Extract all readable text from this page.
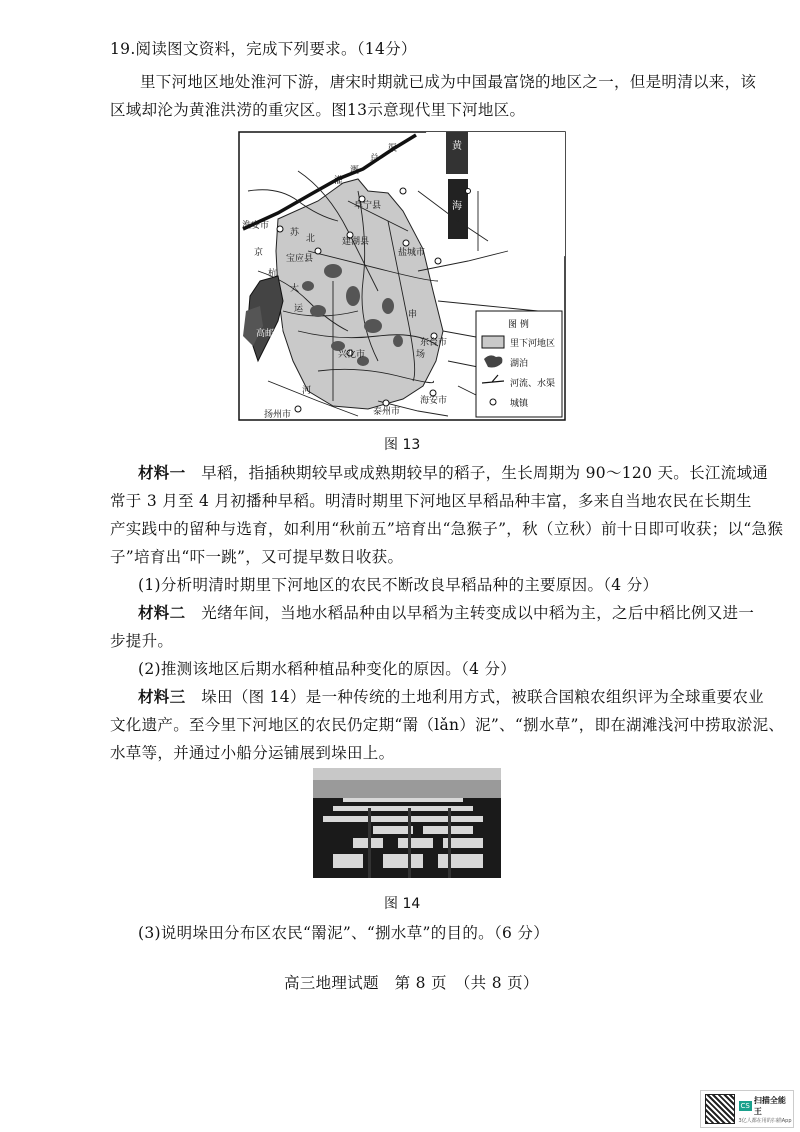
19.阅读图文资料，完成下列要求。（14分）
里下河地区地处淮河下游，唐宋时期就已成为中国最富饶的地区之一，但是明清以来，该
区域却沦为黄淮洪涝的重灾区。图13示意现代里下河地区。
淮安市
阜宁县
建湖县
盐城市
宝应县
高邮湖
兴化市
东台市
扬州市	泰州市
海安市
黄
海
总
渠
溉
灌
苏
北
京
杭
大
运
河
串
场
图 例
里下河地区
湖泊
河流、水渠
城镇
图 13
材料一　 早稻，指插秧期较早或成熟期较早的稻子，生长周期为 90～120 天。长江流域通
常于 3 月至 4 月初播种早稻。明清时期里下河地区早稻品种丰富，多来自当地农民在长期生
产实践中的留种与选育，如利用“秋前五”培育出“急猴子”，秋（立秋）前十日即可收获；以“急猴
子”培育出“吓一跳”，又可提早数日收获。
(1)分析明清时期里下河地区的农民不断改良早稻品种的主要原因。（4 分）
材料二　 光绪年间，当地水稻品种由以早稻为主转变成以中稻为主，之后中稻比例又进一
步提升。
(2)推测该地区后期水稻种植品种变化的原因。（4 分）
材料三　 垛田（图 14）是一种传统的土地利用方式，被联合国粮农组织评为全球重要农业
文化遗产。至今里下河地区的农民仍定期“罱（lǎn）泥”、“捌水草”，即在湖滩浅河中捞取淤泥、
水草等，并通过小船分运铺展到垛田上。
图 14
(3)说明垛田分布区农民“罱泥”、“捌水草”的目的。（6 分）
高三地理试题　第 8 页　（共 8 页）
CS
扫描全能王
3亿人都在用的扫描App
